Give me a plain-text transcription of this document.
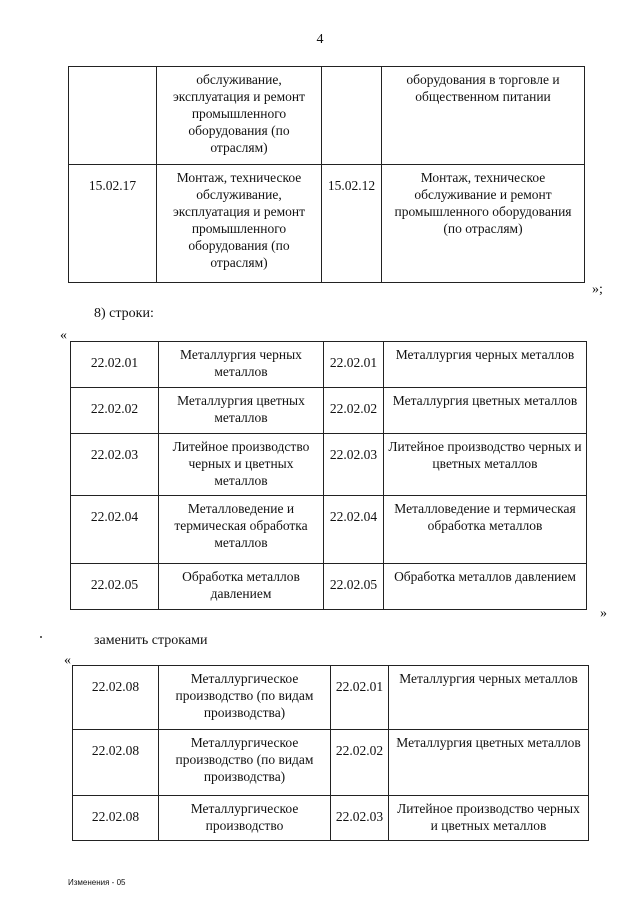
4
	обслуживание, эксплуатация и ремонт промышленного оборудования (по отраслям)		оборудования в торговле и общественном питании
15.02.17	Монтаж, техническое обслуживание, эксплуатация и ремонт промышленного оборудования (по отраслям)	15.02.12	Монтаж, техническое обслуживание и ремонт промышленного оборудования (по отраслям)
»;
8) строки:
«
22.02.01	Металлургия черных металлов	22.02.01	Металлургия черных металлов
22.02.02	Металлургия цветных металлов	22.02.02	Металлургия цветных металлов
22.02.03	Литейное производство черных и цветных металлов	22.02.03	Литейное производство черных и цветных металлов
22.02.04	Металловедение и термическая обработка металлов	22.02.04	Металловедение и термическая обработка металлов
22.02.05	Обработка металлов давлением	22.02.05	Обработка металлов давлением
»
заменить строками
«
22.02.08	Металлургическое производство (по видам производства)	22.02.01	Металлургия черных металлов
22.02.08	Металлургическое производство (по видам производства)	22.02.02	Металлургия цветных металлов
22.02.08	Металлургическое производство	22.02.03	Литейное производство черных и цветных металлов
Изменения - 05
